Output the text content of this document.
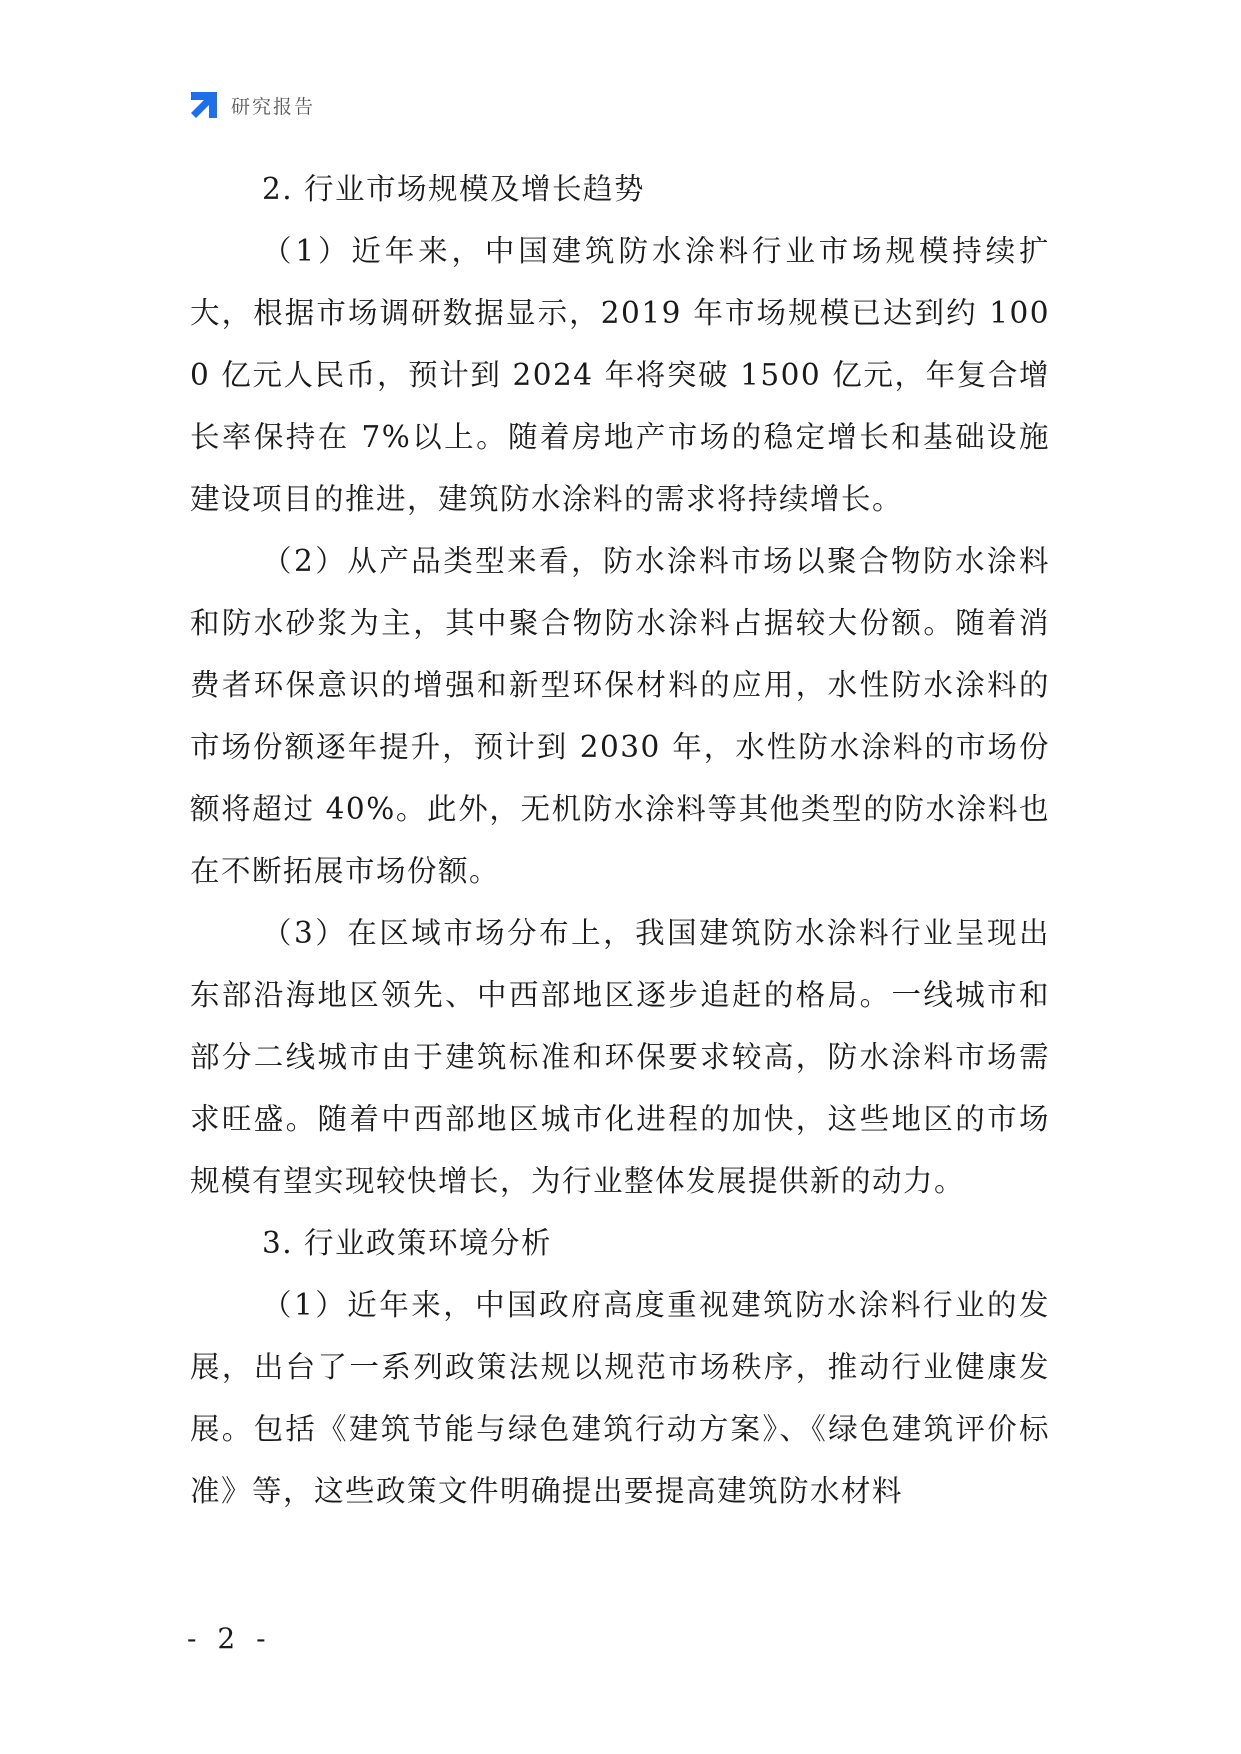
研究报告

2. 行业市场规模及增长趋势

（1）近年来，中国建筑防水涂料行业市场规模持续扩大，根据市场调研数据显示，2019 年市场规模已达到约 1000 亿元人民币，预计到 2024 年将突破 1500 亿元，年复合增长率保持在 7%以上。随着房地产市场的稳定增长和基础设施建设项目的推进，建筑防水涂料的需求将持续增长。

（2）从产品类型来看，防水涂料市场以聚合物防水涂料和防水砂浆为主，其中聚合物防水涂料占据较大份额。随着消费者环保意识的增强和新型环保材料的应用，水性防水涂料的市场份额逐年提升，预计到 2030 年，水性防水涂料的市场份额将超过 40%。此外，无机防水涂料等其他类型的防水涂料也在不断拓展市场份额。

（3）在区域市场分布上，我国建筑防水涂料行业呈现出东部沿海地区领先、中西部地区逐步追赶的格局。一线城市和部分二线城市由于建筑标准和环保要求较高，防水涂料市场需求旺盛。随着中西部地区城市化进程的加快，这些地区的市场规模有望实现较快增长，为行业整体发展提供新的动力。

3. 行业政策环境分析

（1）近年来，中国政府高度重视建筑防水涂料行业的发展，出台了一系列政策法规以规范市场秩序，推动行业健康发展。包括《建筑节能与绿色建筑行动方案》、《绿色建筑评价标准》等，这些政策文件明确提出要提高建筑防水材料

- 2 -
